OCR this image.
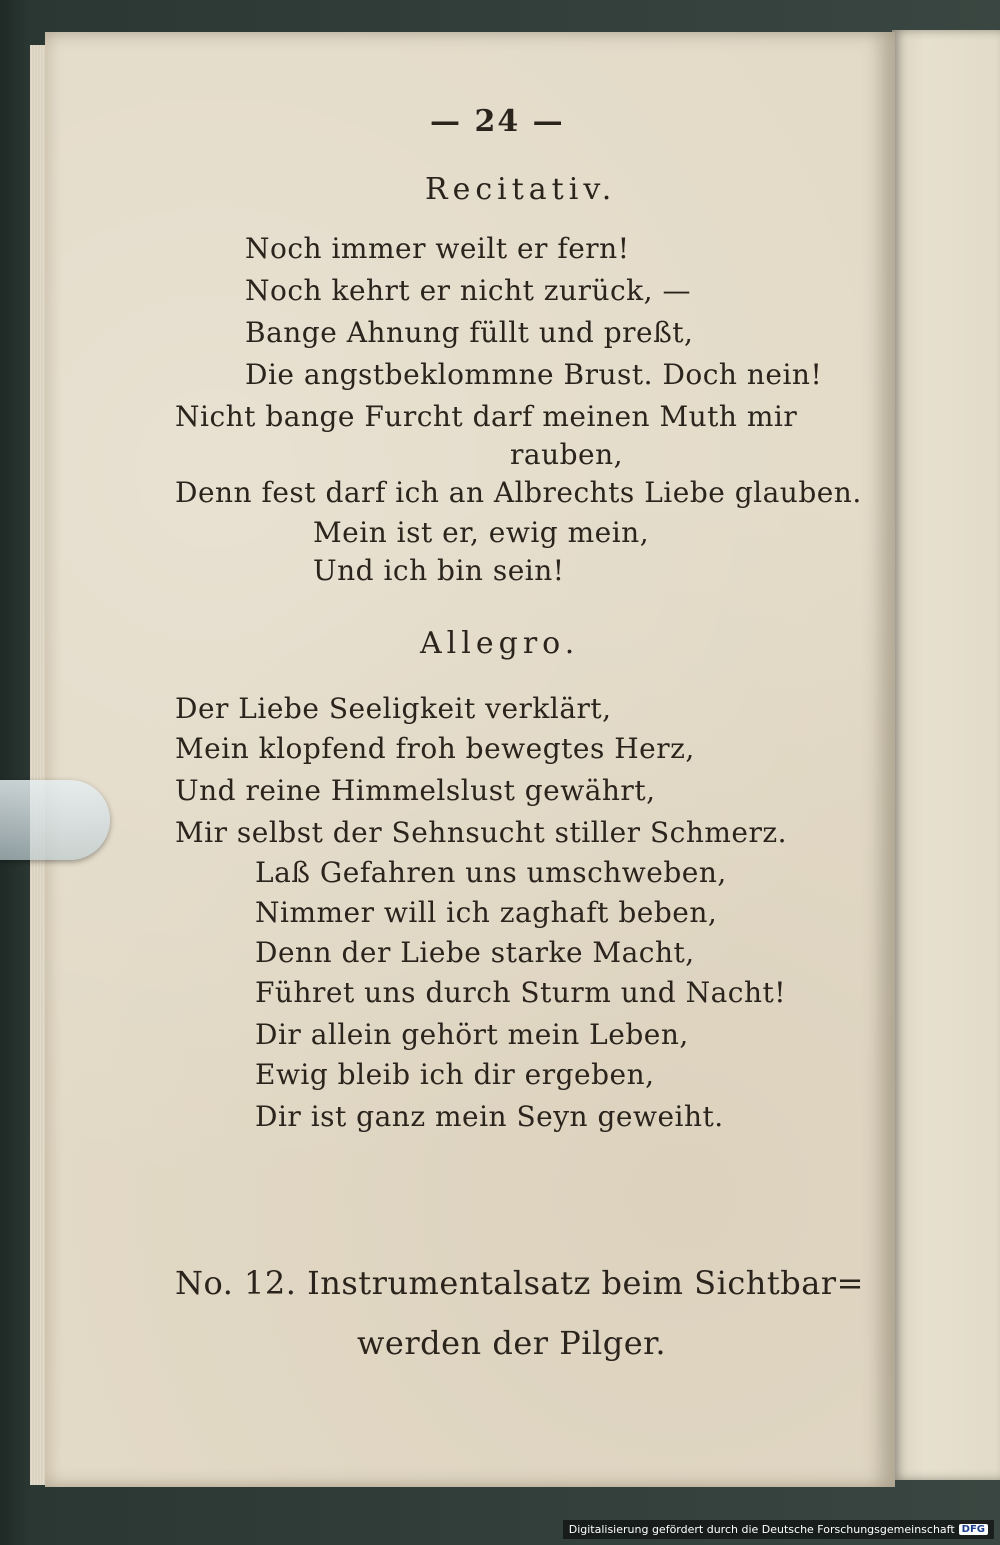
— 24 —
Recitativ.
Noch immer weilt er fern!
Noch kehrt er nicht zurück, —
Bange Ahnung füllt und preßt,
Die angstbeklommne Brust. Doch nein!
Nicht bange Furcht darf meinen Muth mir
rauben,
Denn fest darf ich an Albrechts Liebe glauben.
Mein ist er, ewig mein,
Und ich bin sein!
Allegro.
Der Liebe Seeligkeit verklärt,
Mein klopfend froh bewegtes Herz,
Und reine Himmelslust gewährt,
Mir selbst der Sehnsucht stiller Schmerz.
Laß Gefahren uns umschweben,
Nimmer will ich zaghaft beben,
Denn der Liebe starke Macht,
Führet uns durch Sturm und Nacht!
Dir allein gehört mein Leben,
Ewig bleib ich dir ergeben,
Dir ist ganz mein Seyn geweiht.
No. 12. Instrumentalsatz beim Sichtbar=
werden der Pilger.
Digitalisierung gefördert durch die Deutsche Forschungsgemeinschaft DFG
